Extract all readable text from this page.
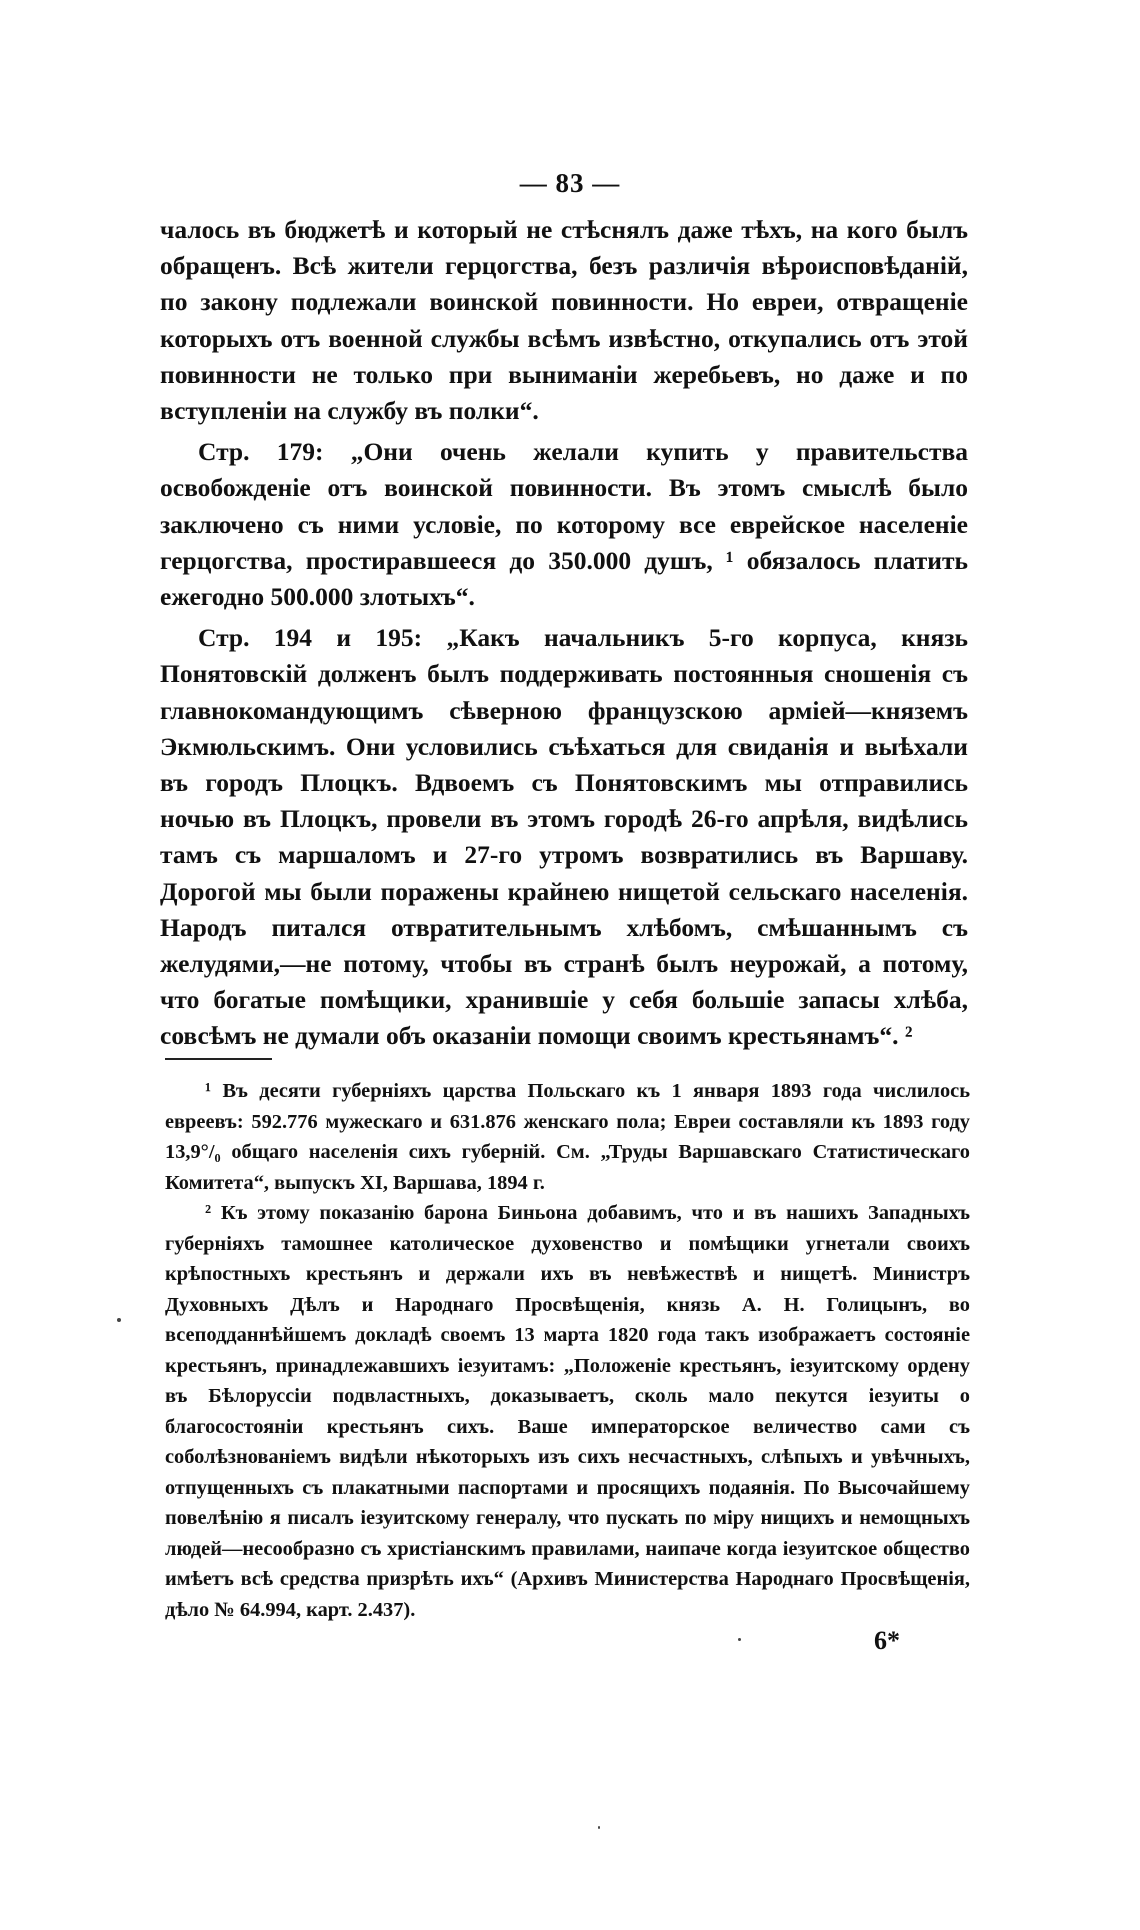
— 83 —

чалось въ бюджетѣ и который не стѣснялъ даже тѣхъ, на кого былъ обращенъ. Всѣ жители герцогства, безъ различія вѣроисповѣданій, по закону подлежали воинской повинности. Но евреи, отвращеніе которыхъ отъ военной службы всѣмъ извѣстно, откупались отъ этой повинности не только при выниманіи жеребьевъ, но даже и по вступленіи на службу въ полки“.

Стр. 179: „Они очень желали купить у правительства освобожденіе отъ воинской повинности. Въ этомъ смыслѣ было заключено съ ними условіе, по которому все еврейское населеніе герцогства, простиравшееся до 350.000 душъ, ¹ обязалось платить ежегодно 500.000 злотыхъ“.

Стр. 194 и 195: „Какъ начальникъ 5-го корпуса, князь Понятовскій долженъ былъ поддерживать постоянныя сношенія съ главнокомандующимъ сѣверною французскою арміей—княземъ Экмюльскимъ. Они условились съѣхаться для свиданія и выѣхали въ городъ Плоцкъ. Вдвоемъ съ Понятовскимъ мы отправились ночью въ Плоцкъ, провели въ этомъ городѣ 26-го апрѣля, видѣлись тамъ съ маршаломъ и 27-го утромъ возвратились въ Варшаву. Дорогой мы были поражены крайнею нищетой сельскаго населенія. Народъ питался отвратительнымъ хлѣбомъ, смѣшаннымъ съ желудями,—не потому, чтобы въ странѣ былъ неурожай, а потому, что богатые помѣщики, хранившіе у себя большіе запасы хлѣба, совсѣмъ не думали объ оказаніи помощи своимъ крестьянамъ“. ²

¹ Въ десяти губерніяхъ царства Польскаго къ 1 января 1893 года числилось евреевъ: 592.776 мужескаго и 631.876 женскаго пола; Евреи составляли къ 1893 году 13,9°/₀ общаго населенія сихъ губерній. См. „Труды Варшавскаго Статистическаго Комитета“, выпускъ XI, Варшава, 1894 г.

² Къ этому показанію барона Биньона добавимъ, что и въ нашихъ Западныхъ губерніяхъ тамошнее католическое духовенство и помѣщики угнетали своихъ крѣпостныхъ крестьянъ и держали ихъ въ невѣжествѣ и нищетѣ. Министръ Духовныхъ Дѣлъ и Народнаго Просвѣщенія, князь А. Н. Голицынъ, во всеподданнѣйшемъ докладѣ своемъ 13 марта 1820 года такъ изображаетъ состояніе крестьянъ, принадлежавшихъ іезуитамъ: „Положеніе крестьянъ, іезуитскому ордену въ Бѣлоруссіи подвластныхъ, доказываетъ, сколь мало пекутся іезуиты о благосостояніи крестьянъ сихъ. Ваше императорское величество сами съ соболѣзнованіемъ видѣли нѣкоторыхъ изъ сихъ несчастныхъ, слѣпыхъ и увѣчныхъ, отпущенныхъ съ плакатными паспортами и просящихъ подаянія. По Высочайшему повелѣнію я писалъ іезуитскому генералу, что пускать по міру нищихъ и немощныхъ людей—несообразно съ христіанскимъ правилами, наипаче когда іезуитское общество имѣетъ всѣ средства призрѣть ихъ“ (Архивъ Министерства Народнаго Просвѣщенія, дѣло № 64.994, карт. 2.437).

6*
